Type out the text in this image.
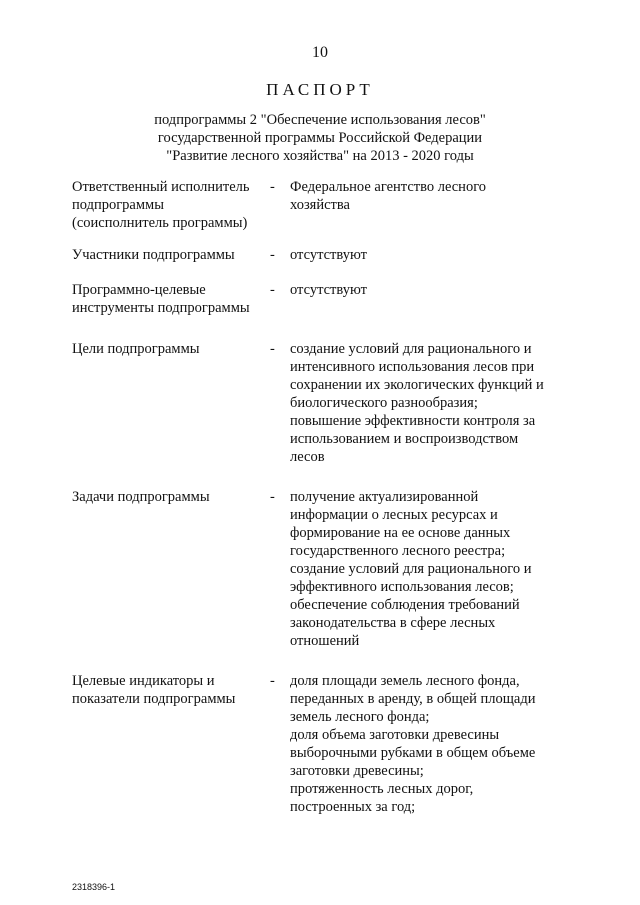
10
ПАСПОРТ
подпрограммы 2 "Обеспечение использования лесов"
государственной программы Российской Федерации
"Развитие лесного хозяйства" на 2013 - 2020 годы
Ответственный исполнитель
подпрограммы
(соисполнитель программы)
-	Федеральное агентство лесного
хозяйства
Участники подпрограммы	-	отсутствуют
Программно-целевые
инструменты подпрограммы
-	отсутствуют
Цели подпрограммы	-	создание условий для рационального и
интенсивного использования лесов при
сохранении их экологических функций и
биологического разнообразия;
повышение эффективности контроля за
использованием и воспроизводством
лесов
Задачи подпрограммы	-	получение актуализированной
информации о лесных ресурсах и
формирование на ее основе данных
государственного лесного реестра;
создание условий для рационального и
эффективного использования лесов;
обеспечение соблюдения требований
законодательства в сфере лесных
отношений
Целевые индикаторы и
показатели подпрограммы
-	доля площади земель лесного фонда,
переданных в аренду, в общей площади
земель лесного фонда;
доля объема заготовки древесины
выборочными рубками в общем объеме
заготовки древесины;
протяженность лесных дорог,
построенных за год;
2318396-1
